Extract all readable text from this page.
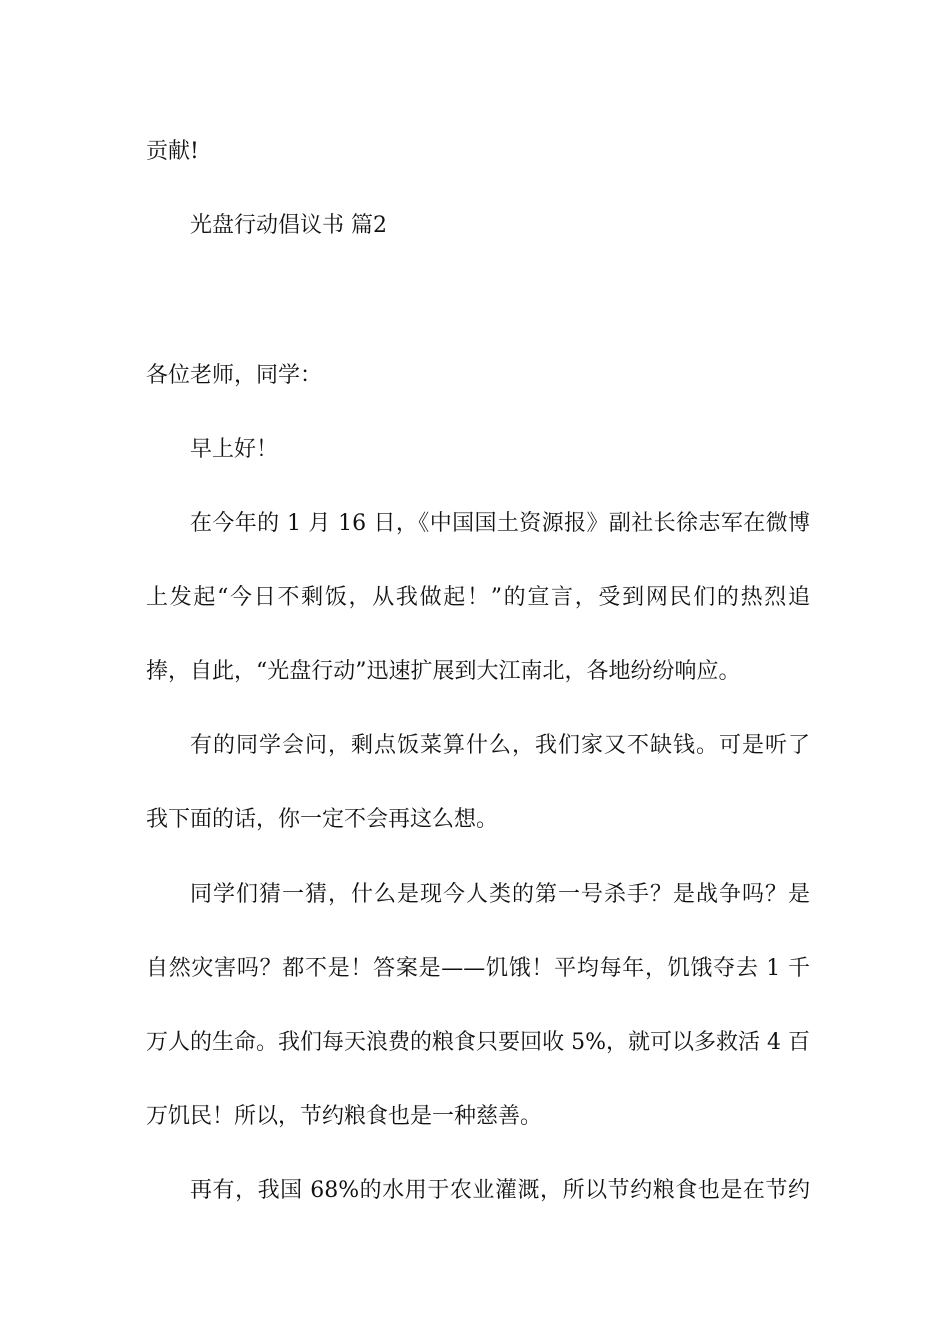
贡献!
光盘行动倡议书 篇2
各位老师，同学：
早上好！
在今年的 1 月 16 日，《中国国土资源报》副社长徐志军在微博
上发起“今日不剩饭，从我做起！”的宣言，受到网民们的热烈追
捧，自此，“光盘行动”迅速扩展到大江南北，各地纷纷响应。
有的同学会问，剩点饭菜算什么，我们家又不缺钱。可是听了
我下面的话，你一定不会再这么想。
同学们猜一猜，什么是现今人类的第一号杀手？是战争吗？是
自然灾害吗？都不是！答案是——饥饿！平均每年，饥饿夺去 1 千
万人的生命。我们每天浪费的粮食只要回收 5%，就可以多救活 4 百
万饥民！所以，节约粮食也是一种慈善。
再有，我国 68%的水用于农业灌溉，所以节约粮食也是在节约
